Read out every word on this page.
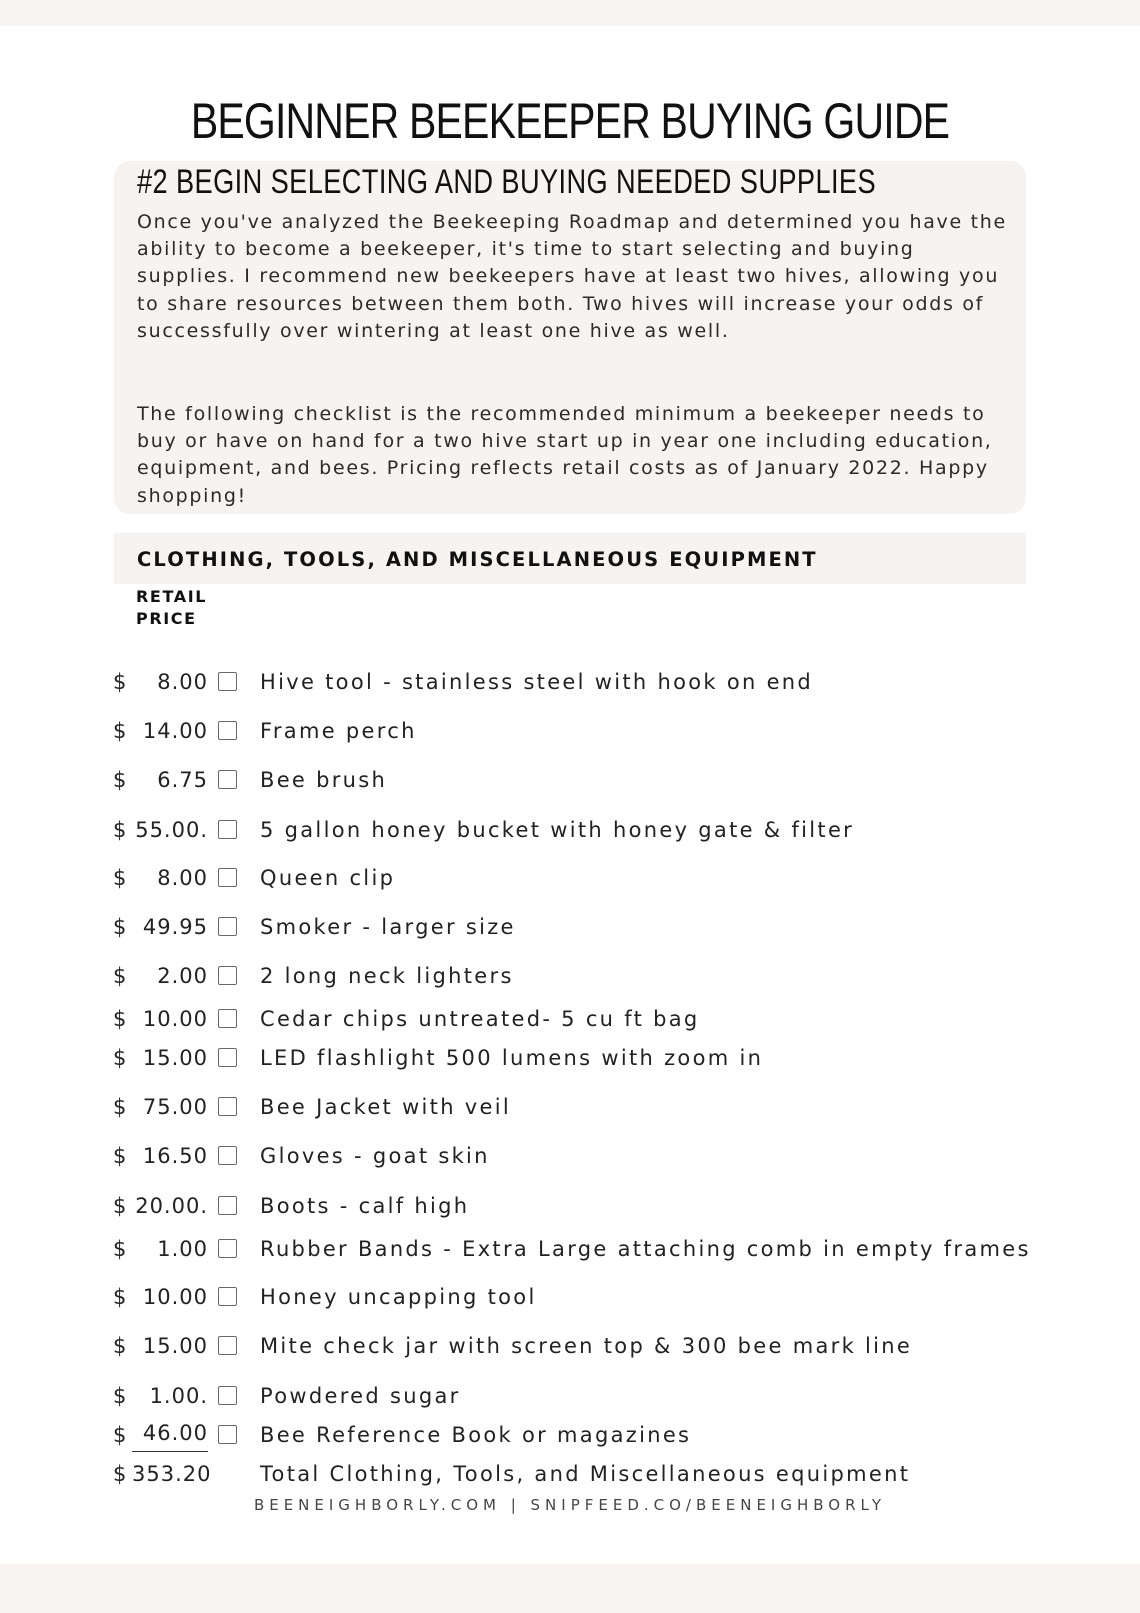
BEGINNER BEEKEEPER BUYING GUIDE
#2 BEGIN SELECTING AND BUYING NEEDED SUPPLIES

Once you've analyzed the Beekeeping Roadmap and determined you have the ability to become a beekeeper, it's time to start selecting and buying supplies. I recommend new beekeepers have at least two hives, allowing you to share resources between them both. Two hives will increase your odds of successfully over wintering at least one hive as well.

The following checklist is the recommended minimum a beekeeper needs to buy or have on hand for a two hive start up in year one including education, equipment, and bees. Pricing reflects retail costs as of January 2022. Happy shopping!

CLOTHING, TOOLS, AND MISCELLANEOUS EQUIPMENT
RETAIL PRICE
$	8.00 Hive tool - stainless steel with hook on end
$ 14.00 Frame perch
$	6.75 Bee brush
$ 55.00. 5 gallon honey bucket with honey gate & filter
$	8.00 Queen clip
$ 49.95 Smoker - larger size
$	2.00 2 long neck lighters
$ 10.00 Cedar chips untreated- 5 cu ft bag
$ 15.00 LED flashlight 500 lumens with zoom in
$ 75.00 Bee Jacket with veil
$ 16.50 Gloves - goat skin
$ 20.00. Boots - calf high
$	1.00 Rubber Bands - Extra Large attaching comb in empty frames
$ 10.00 Honey uncapping tool
$ 15.00 Mite check jar with screen top & 300 bee mark line
$	1.00. Powdered sugar
$ 46.00 Bee Reference Book or magazines
$ 353.20 Total Clothing, Tools, and Miscellaneous equipment
BEENEIGHBORLY.COM | SNIPFEED.CO/BEENEIGHBORLY
